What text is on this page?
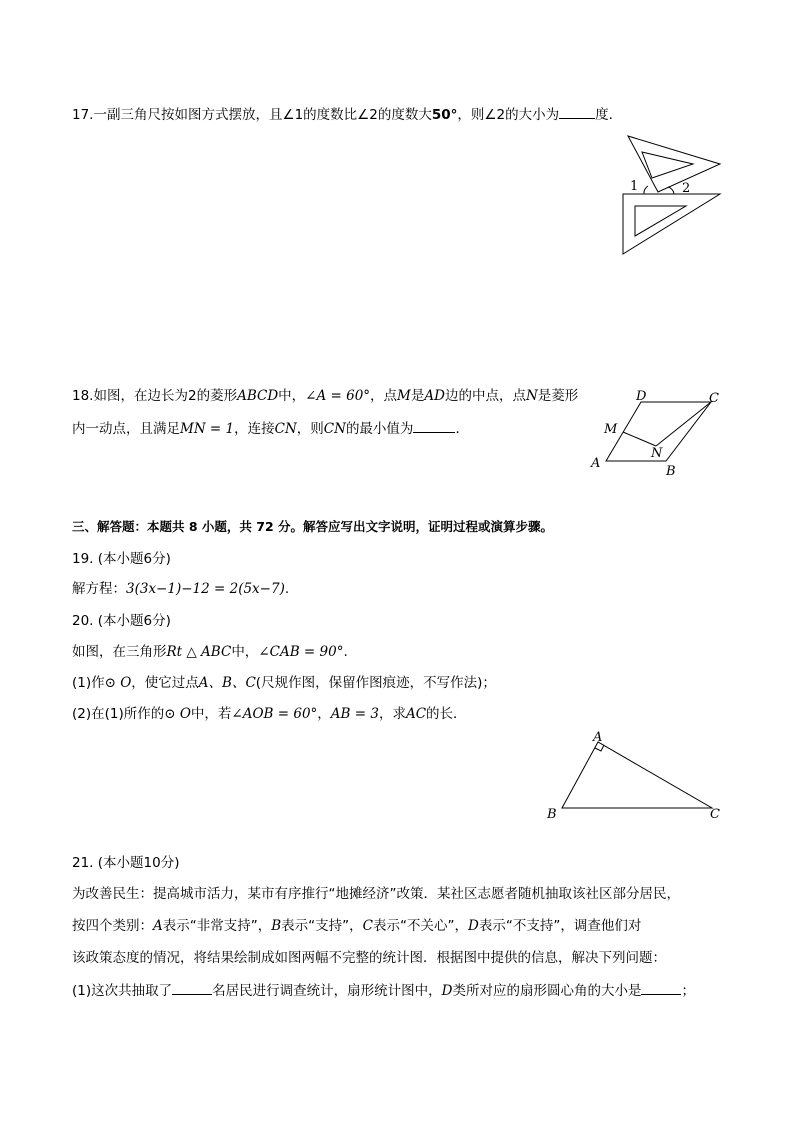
17.一副三角尺按如图方式摆放，且∠1的度数比∠2的度数大50°，则∠2的大小为	度．
1	2
18.如图，在边长为2的菱形ABCD中，∠A = 60°，点M是AD边的中点，点N是菱形
内一动点，且满足MN = 1，连接CN，则CN的最小值为	．
D	C
M
N
A
B
三、解答题：本题共 8 小题，共 72 分。解答应写出文字说明，证明过程或演算步骤。
19. (本小题6分)
解方程：3(3x−1)−12 = 2(5x−7).
20. (本小题6分)
如图，在三角形Rt △ ABC中，∠CAB = 90°.
(1)作⊙ O，使它过点A、B、C(尺规作图，保留作图痕迹，不写作法)；
(2)在(1)所作的⊙ O中，若∠AOB = 60°，AB = 3，求AC的长．
A
B	C
21. (本小题10分)
为改善民生：提高城市活力，某市有序推行“地摊经济”改策．某社区志愿者随机抽取该社区部分居民，
按四个类别：A表示“非常支持”，B表示“支持”，C表示“不关心”，D表示“不支持”，调查他们对
该政策态度的情况，将结果绘制成如图两幅不完整的统计图．根据图中提供的信息，解决下列问题：
(1)这次共抽取了	名居民进行调查统计，扇形统计图中，D类所对应的扇形圆心角的大小是	；
